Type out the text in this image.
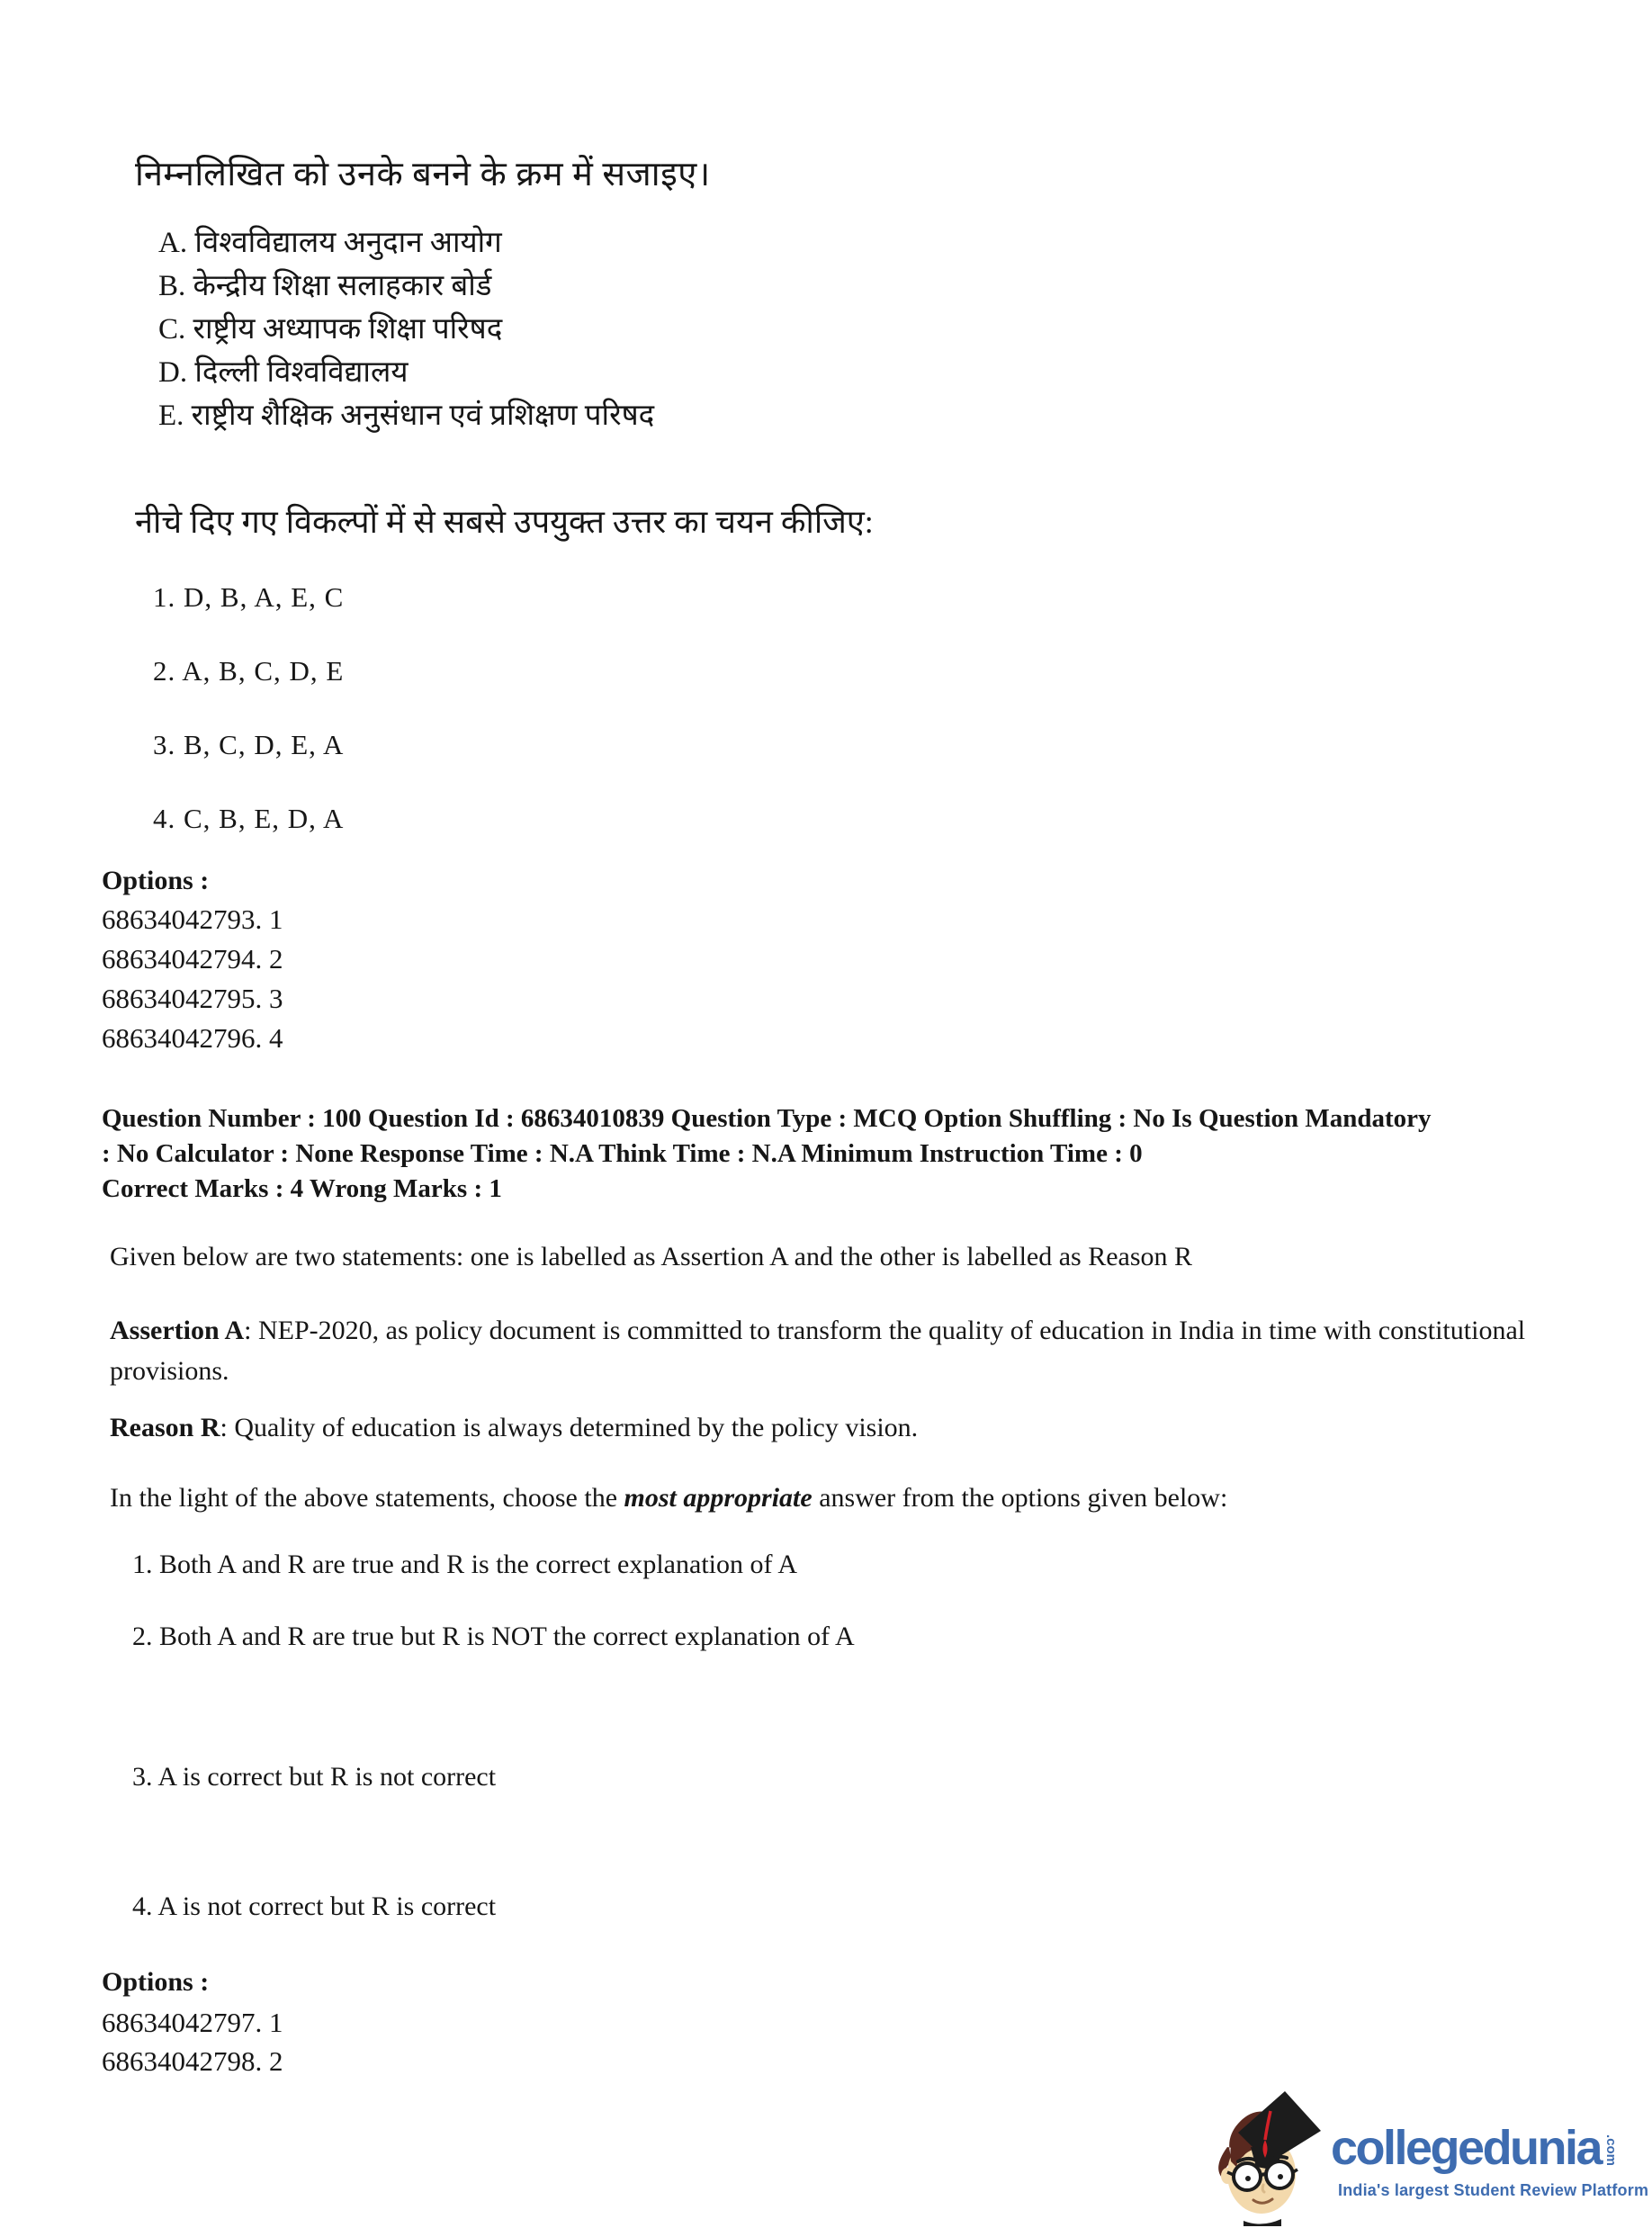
निम्नलिखित को उनके बनने के क्रम में सजाइए।
A. विश्वविद्यालय अनुदान आयोग
B. केन्द्रीय शिक्षा सलाहकार बोर्ड
C. राष्ट्रीय अध्यापक शिक्षा परिषद
D. दिल्ली विश्वविद्यालय
E. राष्ट्रीय शैक्षिक अनुसंधान एवं प्रशिक्षण परिषद
नीचे दिए गए विकल्पों में से सबसे उपयुक्त उत्तर का चयन कीजिए:
1. D, B, A, E, C
2. A, B, C, D, E
3. B, C, D, E, A
4. C, B, E, D, A
Options :
68634042793. 1
68634042794. 2
68634042795. 3
68634042796. 4
Question Number : 100 Question Id : 68634010839 Question Type : MCQ Option Shuffling : No Is Question Mandatory
: No Calculator : None Response Time : N.A Think Time : N.A Minimum Instruction Time : 0
Correct Marks : 4 Wrong Marks : 1
Given below are two statements: one is labelled as Assertion A and the other is labelled as Reason R
Assertion A: NEP-2020, as policy document is committed to transform the quality of education in India in time with constitutional provisions.
Reason R: Quality of education is always determined by the policy vision.
In the light of the above statements, choose the most appropriate answer from the options given below:
1. Both A and R are true and R is the correct explanation of A
2. Both A and R are true but R is NOT the correct explanation of A
3. A is correct but R is not correct
4. A is not correct but R is correct
Options :
68634042797. 1
68634042798. 2
collegedunia .com
India's largest Student Review Platform
